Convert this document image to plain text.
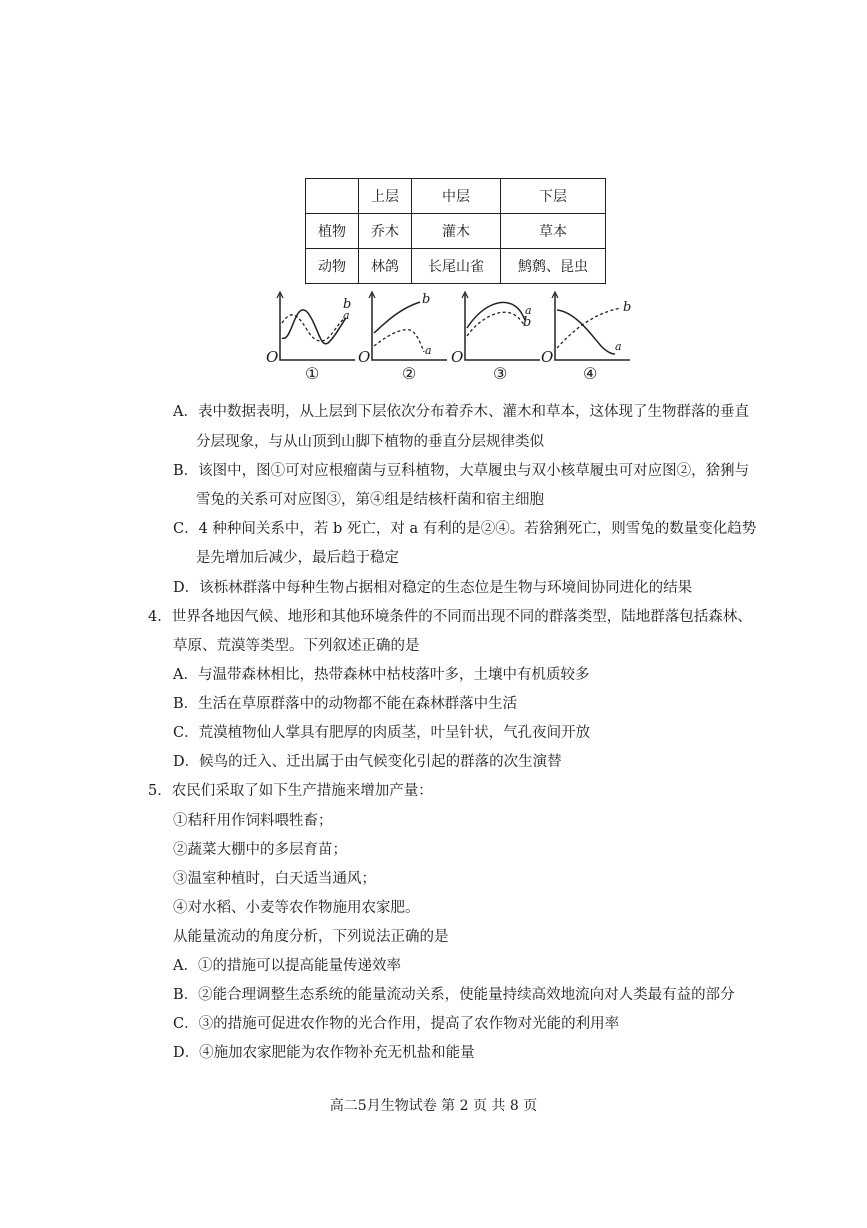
	上层	中层	下层
植物	乔木	灌木	草本
动物	林鸽	长尾山雀	鹪鹩、昆虫
b
a
O
①
b
a
O
②
a
b
O
③
b
a
O
④
A．表中数据表明，从上层到下层依次分布着乔木、灌木和草本，这体现了生物群落的垂直
分层现象，与从山顶到山脚下植物的垂直分层规律类似
B．该图中，图①可对应根瘤菌与豆科植物，大草履虫与双小核草履虫可对应图②，猞猁与
雪兔的关系可对应图③，第④组是结核杆菌和宿主细胞
C．4 种种间关系中，若 b 死亡，对 a 有利的是②④。若猞猁死亡，则雪兔的数量变化趋势
是先增加后减少，最后趋于稳定
D．该栎林群落中每种生物占据相对稳定的生态位是生物与环境间协同进化的结果
4．世界各地因气候、地形和其他环境条件的不同而出现不同的群落类型，陆地群落包括森林、
草原、荒漠等类型。下列叙述正确的是
A．与温带森林相比，热带森林中枯枝落叶多，土壤中有机质较多
B．生活在草原群落中的动物都不能在森林群落中生活
C．荒漠植物仙人掌具有肥厚的肉质茎，叶呈针状，气孔夜间开放
D．候鸟的迁入、迁出属于由气候变化引起的群落的次生演替
5．农民们采取了如下生产措施来增加产量：
①秸秆用作饲料喂牲畜；
②蔬菜大棚中的多层育苗；
③温室种植时，白天适当通风；
④对水稻、小麦等农作物施用农家肥。
从能量流动的角度分析，下列说法正确的是
A．①的措施可以提高能量传递效率
B．②能合理调整生态系统的能量流动关系，使能量持续高效地流向对人类最有益的部分
C．③的措施可促进农作物的光合作用，提高了农作物对光能的利用率
D．④施加农家肥能为农作物补充无机盐和能量
高二5月生物试卷 第 2 页 共 8 页
